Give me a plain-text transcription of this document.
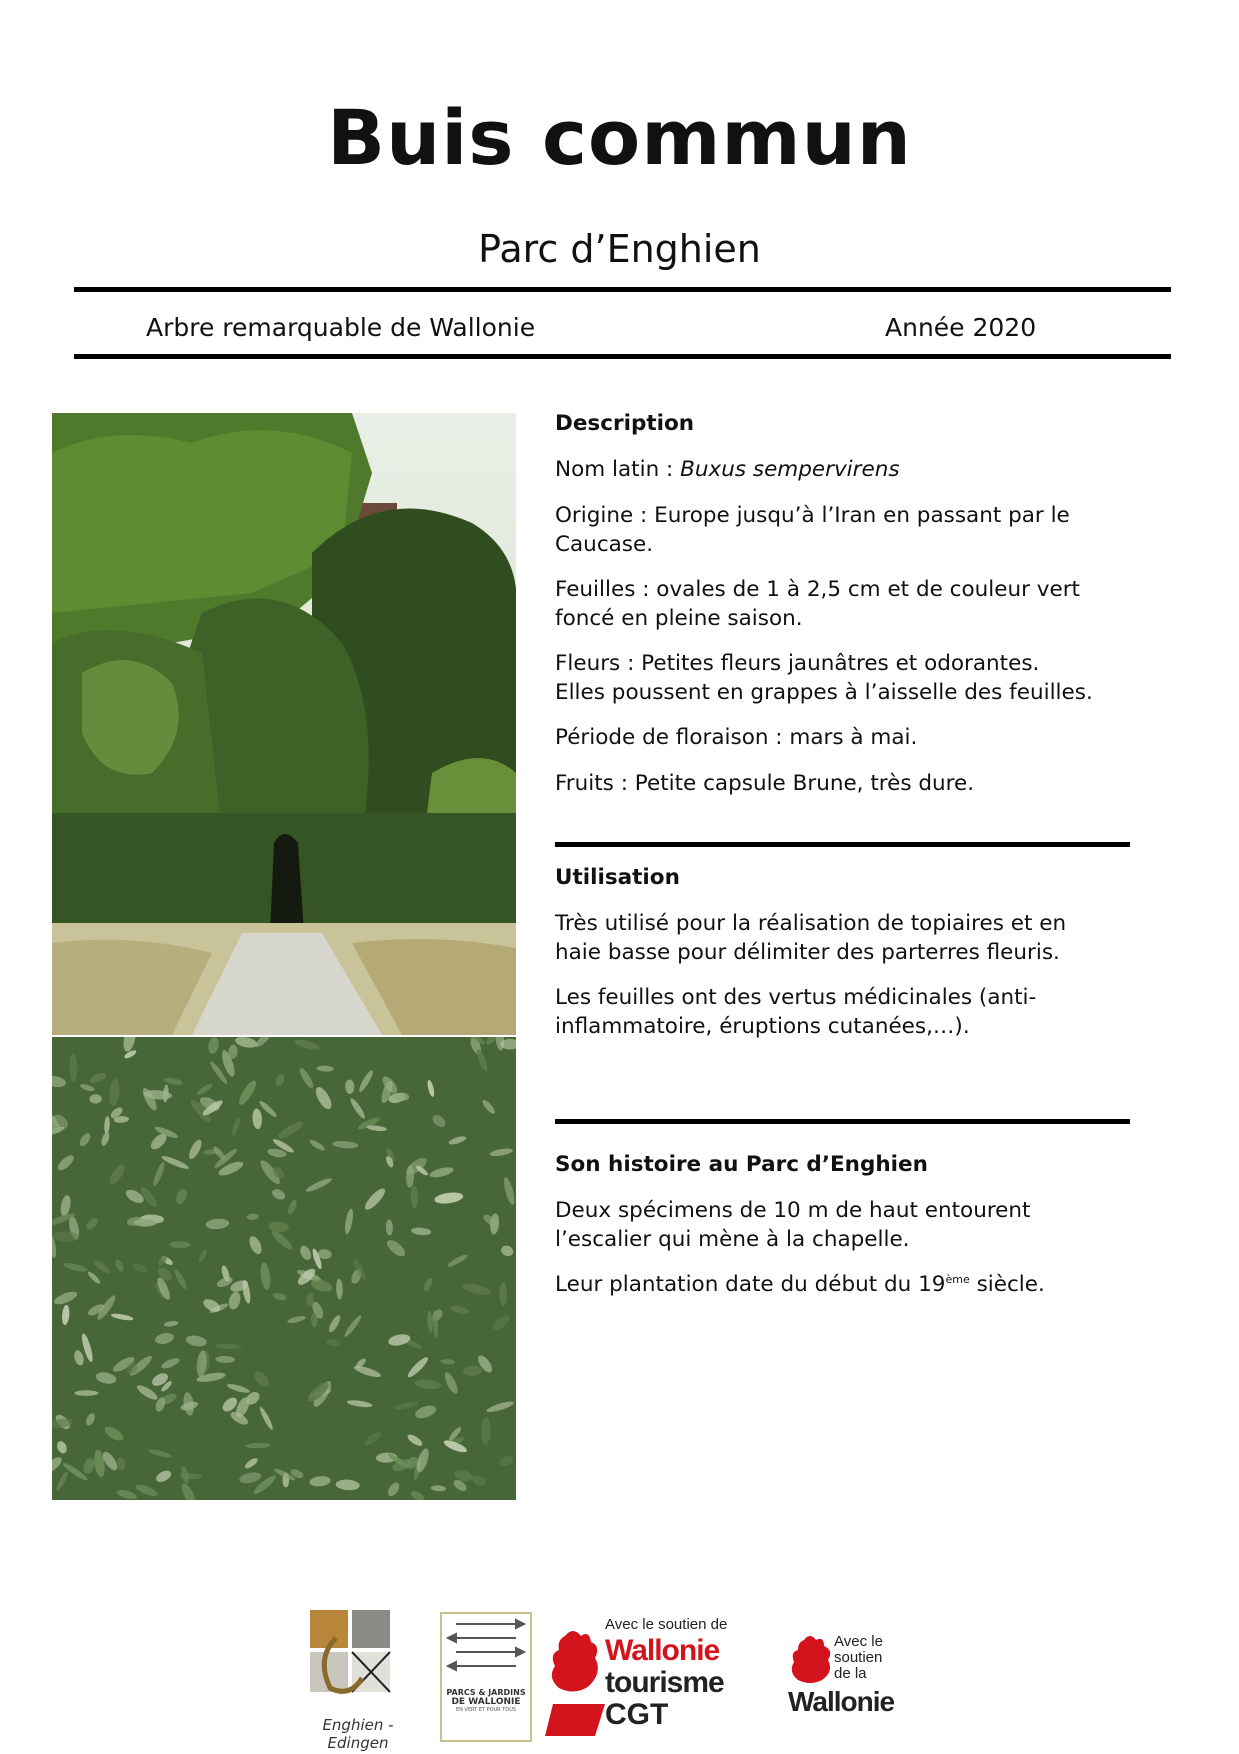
Buis commun
Parc d’Enghien
Arbre remarquable de Wallonie	Année 2020
Description

Nom latin : Buxus sempervirens

Origine : Europe jusqu’à l’Iran en passant par le Caucase.

Feuilles : ovales de 1 à 2,5 cm et de couleur vert foncé en pleine saison.

Fleurs : Petites fleurs jaunâtres et odorantes. Elles poussent en grappes à l’aisselle des feuilles.

Période de floraison : mars à mai.

Fruits : Petite capsule Brune, très dure.

Utilisation

Très utilisé pour la réalisation de topiaires et en haie basse pour délimiter des parterres fleuris.

Les feuilles ont des vertus médicinales (anti-inflammatoire, éruptions cutanées,…).

Son histoire au Parc d’Enghien

Deux spécimens de 10 m de haut entourent l’escalier qui mène à la chapelle.

Leur plantation date du début du 19ème siècle.

Enghien - Edingen
PARCS & JARDINS
DE WALLONIE
EN VERT ET POUR TOUS
Avec le soutien de
Wallonie
tourisme
CGT
Avec le
soutien
de la
Wallonie
